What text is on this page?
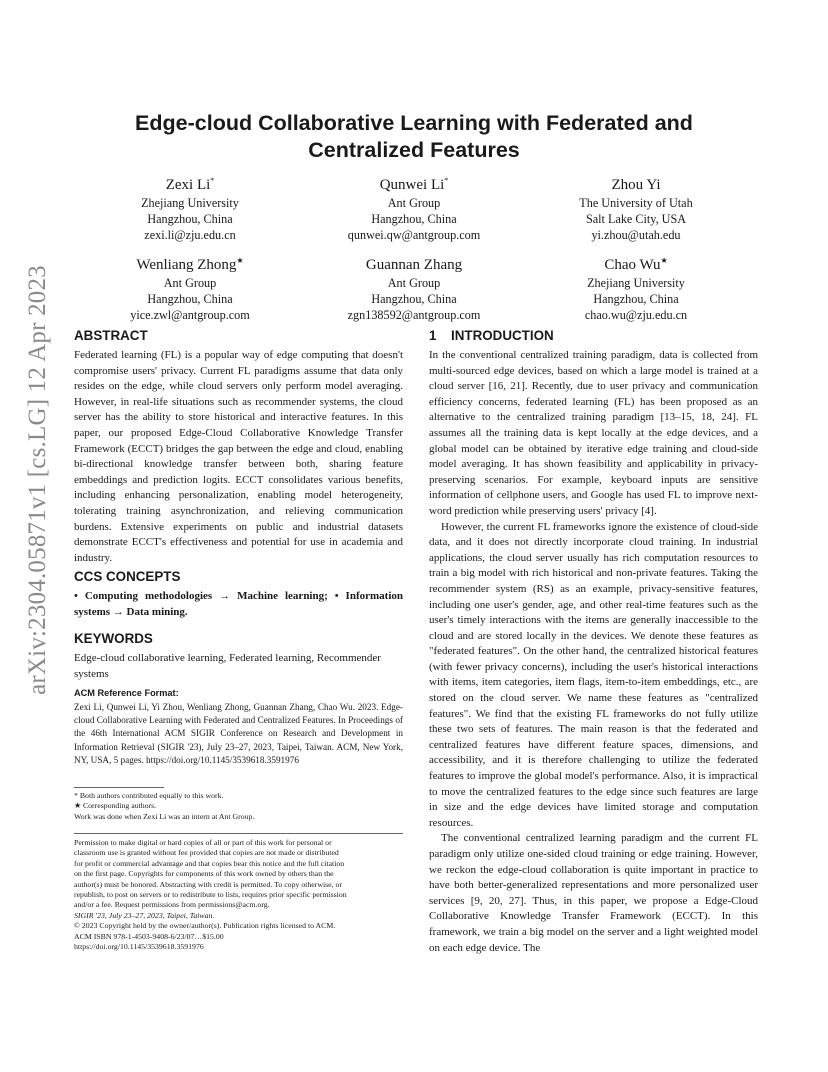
arXiv:2304.05871v1 [cs.LG] 12 Apr 2023
Edge-cloud Collaborative Learning with Federated and
Centralized Features
Zexi Li*
Zhejiang University
Hangzhou, China
zexi.li@zju.edu.cn
Qunwei Li*
Ant Group
Hangzhou, China
qunwei.qw@antgroup.com
Zhou Yi
The University of Utah
Salt Lake City, USA
yi.zhou@utah.edu
Wenliang Zhong★
Ant Group
Hangzhou, China
yice.zwl@antgroup.com
Guannan Zhang
Ant Group
Hangzhou, China
zgn138592@antgroup.com
Chao Wu★
Zhejiang University
Hangzhou, China
chao.wu@zju.edu.cn
ABSTRACT

Federated learning (FL) is a popular way of edge computing that doesn't compromise users' privacy. Current FL paradigms assume that data only resides on the edge, while cloud servers only perform model averaging. However, in real-life situations such as recommender systems, the cloud server has the ability to store historical and interactive features. In this paper, our proposed Edge-Cloud Collaborative Knowledge Transfer Framework (ECCT) bridges the gap between the edge and cloud, enabling bi-directional knowledge transfer between both, sharing feature embeddings and prediction logits. ECCT consolidates various benefits, including enhancing personalization, enabling model heterogeneity, tolerating training asynchronization, and relieving communication burdens. Extensive experiments on public and industrial datasets demonstrate ECCT's effectiveness and potential for use in academia and industry.

CCS CONCEPTS

• Computing methodologies → Machine learning; • Information systems → Data mining.

KEYWORDS

Edge-cloud collaborative learning, Federated learning, Recommender systems

ACM Reference Format:
Zexi Li, Qunwei Li, Yi Zhou, Wenliang Zhong, Guannan Zhang, Chao Wu. 2023. Edge-cloud Collaborative Learning with Federated and Centralized Features. In Proceedings of the 46th International ACM SIGIR Conference on Research and Development in Information Retrieval (SIGIR '23), July 23–27, 2023, Taipei, Taiwan. ACM, New York, NY, USA, 5 pages. https://doi.org/10.1145/3539618.3591976
* Both authors contributed equally to this work.
★ Corresponding authors.
Work was done when Zexi Li was an intern at Ant Group.
Permission to make digital or hard copies of all or part of this work for personal or
classroom use is granted without fee provided that copies are not made or distributed
for profit or commercial advantage and that copies bear this notice and the full citation
on the first page. Copyrights for components of this work owned by others than the
author(s) must be honored. Abstracting with credit is permitted. To copy otherwise, or
republish, to post on servers or to redistribute to lists, requires prior specific permission
and/or a fee. Request permissions from permissions@acm.org.
SIGIR '23, July 23–27, 2023, Taipei, Taiwan.
© 2023 Copyright held by the owner/author(s). Publication rights licensed to ACM.
ACM ISBN 978-1-4503-9408-6/23/07…$15.00
https://doi.org/10.1145/3539618.3591976
1 INTRODUCTION

In the conventional centralized training paradigm, data is collected from multi-sourced edge devices, based on which a large model is trained at a cloud server [16, 21]. Recently, due to user privacy and communication efficiency concerns, federated learning (FL) has been proposed as an alternative to the centralized training paradigm [13–15, 18, 24]. FL assumes all the training data is kept locally at the edge devices, and a global model can be obtained by iterative edge training and cloud-side model averaging. It has shown feasibility and applicability in privacy-preserving scenarios. For example, keyboard inputs are sensitive information of cellphone users, and Google has used FL to improve next-word prediction while preserving users' privacy [4].

However, the current FL frameworks ignore the existence of cloud-side data, and it does not directly incorporate cloud training. In industrial applications, the cloud server usually has rich computation resources to train a big model with rich historical and non-private features. Taking the recommender system (RS) as an example, privacy-sensitive features, including one user's gender, age, and other real-time features such as the user's timely interactions with the items are generally inaccessible to the cloud and are stored locally in the devices. We denote these features as "federated features". On the other hand, the centralized historical features (with fewer privacy concerns), including the user's historical interactions with items, item categories, item flags, item-to-item embeddings, etc., are stored on the cloud server. We name these features as "centralized features". We find that the existing FL frameworks do not fully utilize these two sets of features. The main reason is that the federated and centralized features have different feature spaces, dimensions, and accessibility, and it is therefore challenging to utilize the federated features to improve the global model's performance. Also, it is impractical to move the centralized features to the edge since such features are large in size and the edge devices have limited storage and computation resources.

The conventional centralized learning paradigm and the current FL paradigm only utilize one-sided cloud training or edge training. However, we reckon the edge-cloud collaboration is quite important in practice to have both better-generalized representations and more personalized user services [9, 20, 27]. Thus, in this paper, we propose a Edge-Cloud Collaborative Knowledge Transfer Framework (ECCT). In this framework, we train a big model on the server and a light weighted model on each edge device. The
